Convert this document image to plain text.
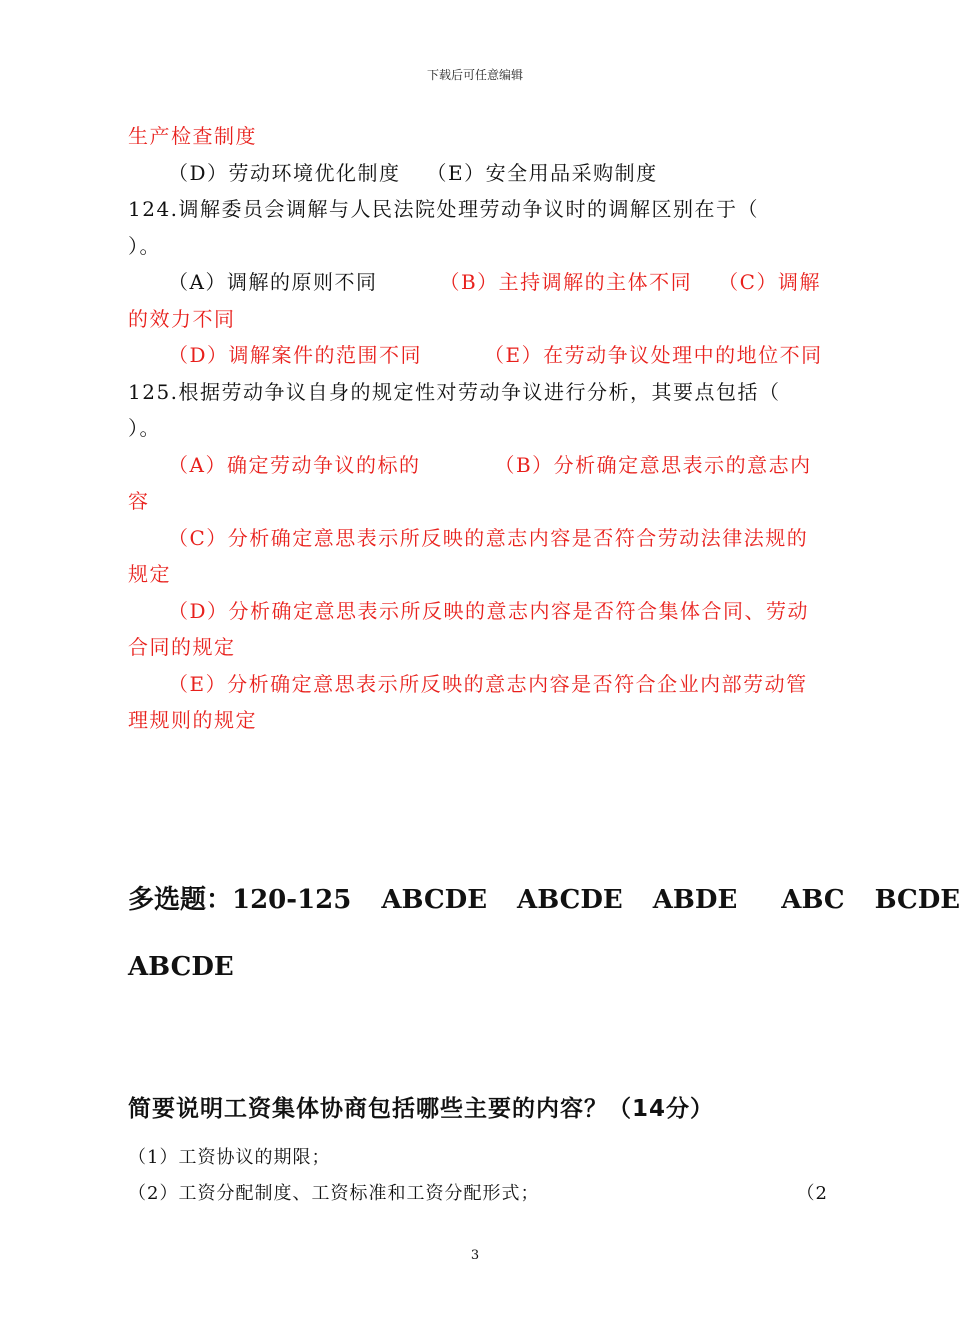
下载后可任意编辑
生产检查制度
（D）劳动环境优化制度 （E）安全用品采购制度
124.调解委员会调解与人民法院处理劳动争议时的调解区别在于（
）。
（A）调解的原则不同	（B）主持调解的主体不同 （C）调解
的效力不同
（D）调解案件的范围不同	（E）在劳动争议处理中的地位不同
125.根据劳动争议自身的规定性对劳动争议进行分析，其要点包括（
）。
（A）确定劳动争议的标的	（B）分析确定意思表示的意志内
容
（C）分析确定意思表示所反映的意志内容是否符合劳动法律法规的
规定
（D）分析确定意思表示所反映的意志内容是否符合集体合同、劳动
合同的规定
（E）分析确定意思表示所反映的意志内容是否符合企业内部劳动管
理规则的规定
多选题：120-125 ABCDE ABCDE ABDE ABC BCDE
ABCDE
简要说明工资集体协商包括哪些主要的内容？（14分）
（1）工资协议的期限；
（2）工资分配制度、工资标准和工资分配形式；	（2
3
